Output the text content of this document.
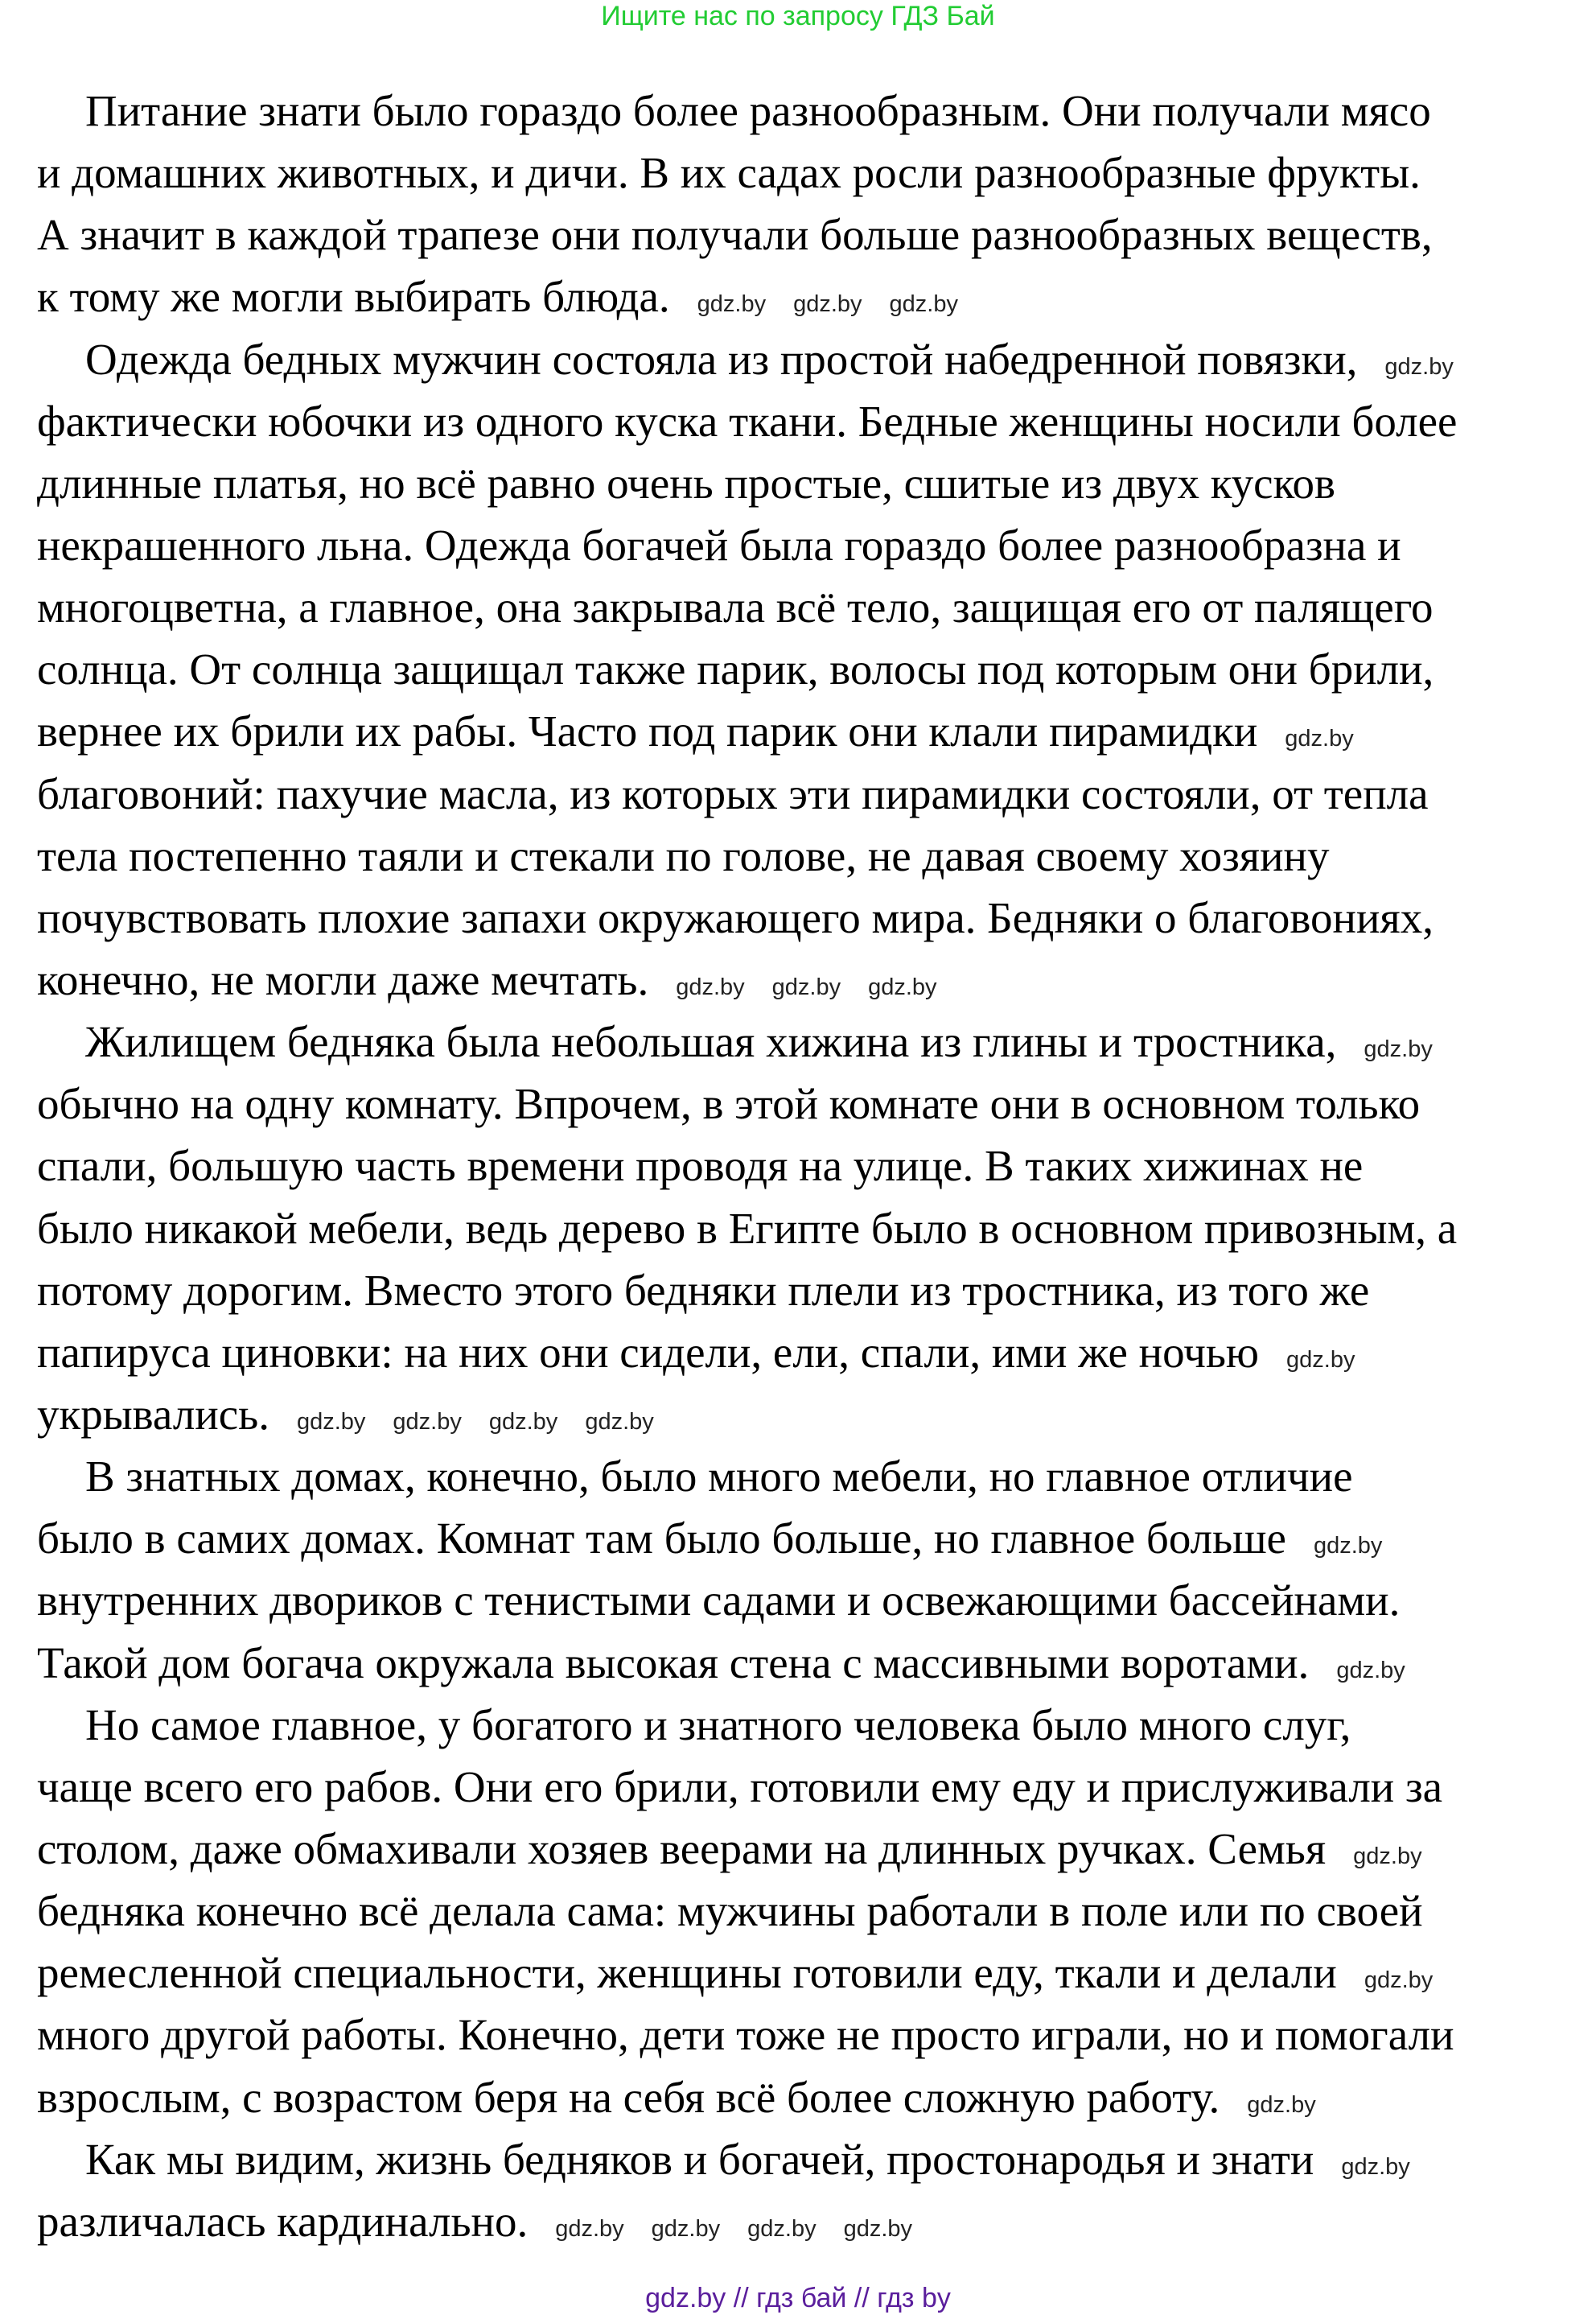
Ищите нас по запросу ГДЗ Бай
Питание знати было гораздо более разнообразным. Они получали мясо
и домашних животных, и дичи. В их садах росли разнообразные фрукты.
А значит в каждой трапезе они получали больше разнообразных веществ,
к тому же могли выбирать блюда. gdz.by gdz.by gdz.by
Одежда бедных мужчин состояла из простой набедренной повязки, gdz.by
фактически юбочки из одного куска ткани. Бедные женщины носили более
длинные платья, но всё равно очень простые, сшитые из двух кусков
некрашенного льна. Одежда богачей была гораздо более разнообразна и
многоцветна, а главное, она закрывала всё тело, защищая его от палящего
солнца. От солнца защищал также парик, волосы под которым они брили,
вернее их брили их рабы. Часто под парик они клали пирамидки gdz.by
благовоний: пахучие масла, из которых эти пирамидки состояли, от тепла
тела постепенно таяли и стекали по голове, не давая своему хозяину
почувствовать плохие запахи окружающего мира. Бедняки о благовониях,
конечно, не могли даже мечтать. gdz.by gdz.by gdz.by
Жилищем бедняка была небольшая хижина из глины и тростника, gdz.by
обычно на одну комнату. Впрочем, в этой комнате они в основном только
спали, большую часть времени проводя на улице. В таких хижинах не
было никакой мебели, ведь дерево в Египте было в основном привозным, а
потому дорогим. Вместо этого бедняки плели из тростника, из того же
папируса циновки: на них они сидели, ели, спали, ими же ночью gdz.by
укрывались. gdz.by gdz.by gdz.by gdz.by
В знатных домах, конечно, было много мебели, но главное отличие
было в самих домах. Комнат там было больше, но главное больше gdz.by
внутренних двориков с тенистыми садами и освежающими бассейнами.
Такой дом богача окружала высокая стена с массивными воротами. gdz.by
Но самое главное, у богатого и знатного человека было много слуг,
чаще всего его рабов. Они его брили, готовили ему еду и прислуживали за
столом, даже обмахивали хозяев веерами на длинных ручках. Семья gdz.by
бедняка конечно всё делала сама: мужчины работали в поле или по своей
ремесленной специальности, женщины готовили еду, ткали и делали gdz.by
много другой работы. Конечно, дети тоже не просто играли, но и помогали
взрослым, с возрастом беря на себя всё более сложную работу. gdz.by
Как мы видим, жизнь бедняков и богачей, простонародья и знати gdz.by
различалась кардинально. gdz.by gdz.by gdz.by gdz.by
gdz.by // гдз бай // гдз by
